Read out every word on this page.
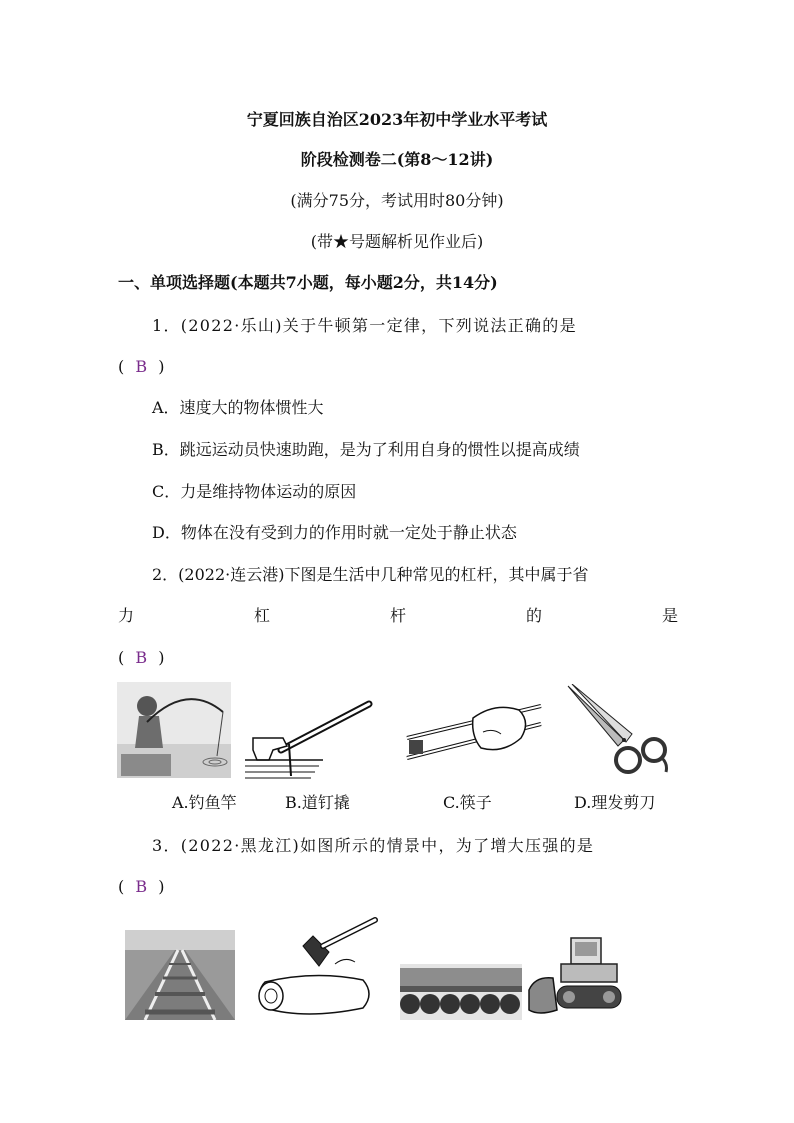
宁夏回族自治区2023年初中学业水平考试
阶段检测卷二(第8～12讲)
(满分75分，考试用时80分钟)
(带★号题解析见作业后)
一、单项选择题(本题共7小题，每小题2分，共14分)
1．(2022·乐山)关于牛顿第一定律，下列说法正确的是
( B )
A．速度大的物体惯性大
B．跳远运动员快速助跑，是为了利用自身的惯性以提高成绩
C．力是维持物体运动的原因
D．物体在没有受到力的作用时就一定处于静止状态
2．(2022·连云港)下图是生活中几种常见的杠杆，其中属于省
力	杠	杆	的	是
( B )
A.钓鱼竿	B.道钉撬	C.筷子	D.理发剪刀
3．(2022·黑龙江)如图所示的情景中，为了增大压强的是
( B )
